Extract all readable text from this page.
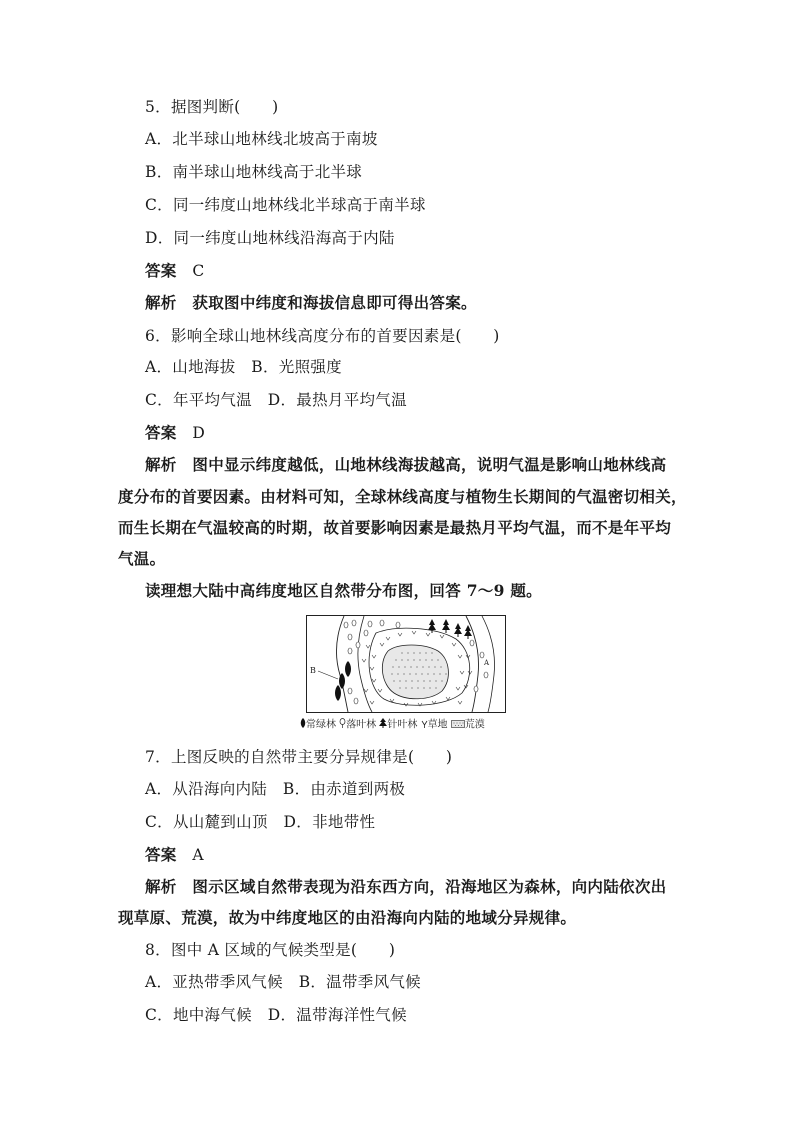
5．据图判断(　　)
A．北半球山地林线北坡高于南坡
B．南半球山地林线高于北半球
C．同一纬度山地林线北半球高于南半球
D．同一纬度山地林线沿海高于内陆
答案　 C
解析　 获取图中纬度和海拔信息即可得出答案。
6．影响全球山地林线高度分布的首要因素是(　　)
A．山地海拔　B．光照强度
C．年平均气温　D．最热月平均气温
答案　 D
解析　 图中显示纬度越低，山地林线海拔越高，说明气温是影响山地林线高
度分布的首要因素。由材料可知，全球林线高度与植物生长期间的气温密切相关，
而生长期在气温较高的时期，故首要影响因素是最热月平均气温，而不是年平均
气温。
读理想大陆中高纬度地区自然带分布图，回答 7～9 题。
B
A
常绿林 落叶林 针叶林 草地 荒漠
7．上图反映的自然带主要分异规律是(　　)
A．从沿海向内陆　B．由赤道到两极
C．从山麓到山顶　D．非地带性
答案　 A
解析　 图示区域自然带表现为沿东西方向，沿海地区为森林，向内陆依次出
现草原、荒漠，故为中纬度地区的由沿海向内陆的地域分异规律。
8．图中 A 区域的气候类型是(　　)
A．亚热带季风气候　B．温带季风气候
C．地中海气候　D．温带海洋性气候
